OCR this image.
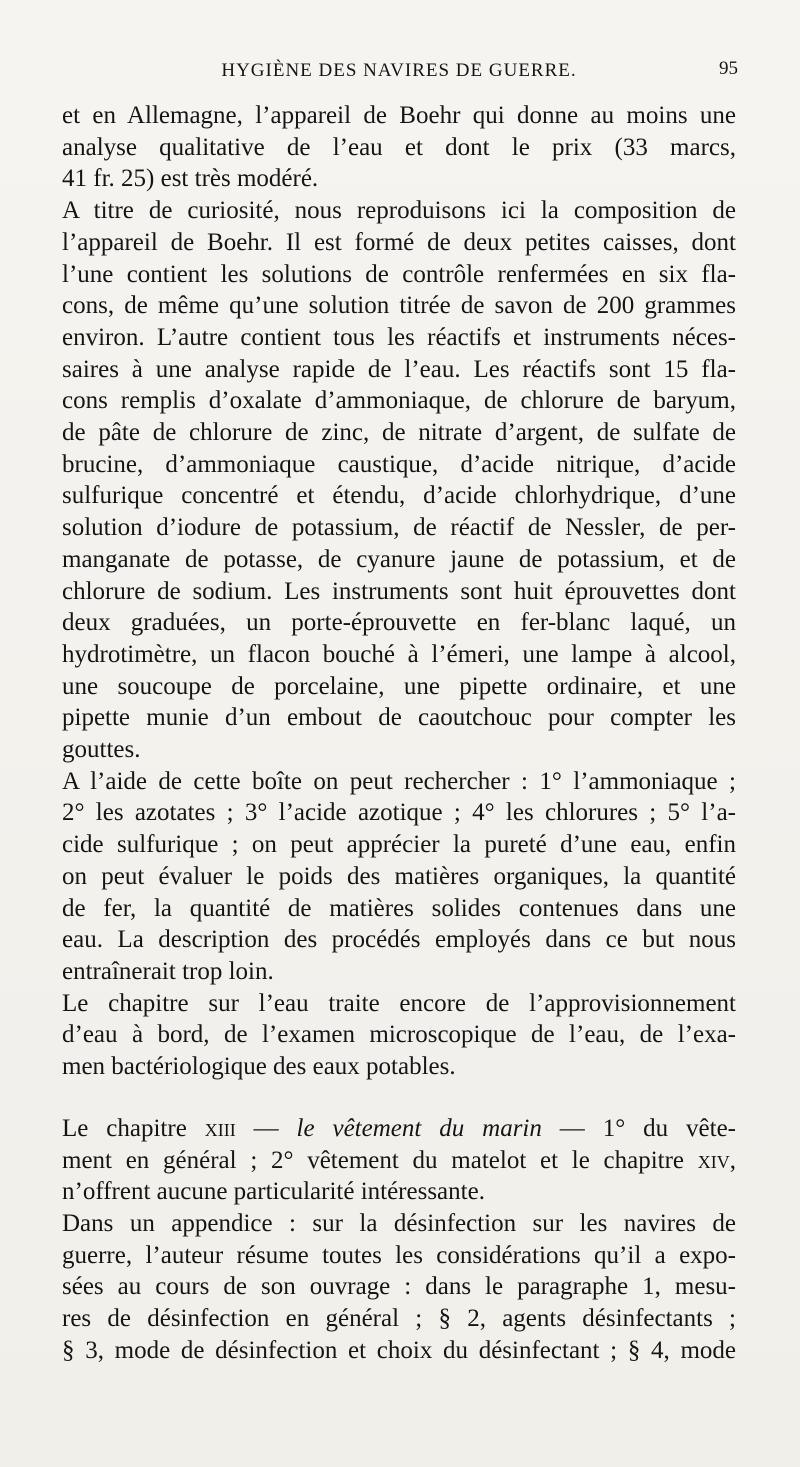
HYGIÈNE DES NAVIRES DE GUERRE.	95

et en Allemagne, l’appareil de Boehr qui donne au moins une
analyse qualitative de l’eau et dont le prix (33 marcs,
41 fr. 25) est très modéré.

A titre de curiosité, nous reproduisons ici la composition de
l’appareil de Boehr. Il est formé de deux petites caisses, dont
l’une contient les solutions de contrôle renfermées en six fla-
cons, de même qu’une solution titrée de savon de 200 grammes
environ. L’autre contient tous les réactifs et instruments néces-
saires à une analyse rapide de l’eau. Les réactifs sont 15 fla-
cons remplis d’oxalate d’ammoniaque, de chlorure de baryum,
de pâte de chlorure de zinc, de nitrate d’argent, de sulfate de
brucine, d’ammoniaque caustique, d’acide nitrique, d’acide
sulfurique concentré et étendu, d’acide chlorhydrique, d’une
solution d’iodure de potassium, de réactif de Nessler, de per-
manganate de potasse, de cyanure jaune de potassium, et de
chlorure de sodium. Les instruments sont huit éprouvettes dont
deux graduées, un porte-éprouvette en fer-blanc laqué, un
hydrotimètre, un flacon bouché à l’émeri, une lampe à alcool,
une soucoupe de porcelaine, une pipette ordinaire, et une
pipette munie d’un embout de caoutchouc pour compter les
gouttes.

A l’aide de cette boîte on peut rechercher : 1° l’ammoniaque ;
2° les azotates ; 3° l’acide azotique ; 4° les chlorures ; 5° l’a-
cide sulfurique ; on peut apprécier la pureté d’une eau, enfin
on peut évaluer le poids des matières organiques, la quantité
de fer, la quantité de matières solides contenues dans une
eau. La description des procédés employés dans ce but nous
entraînerait trop loin.

Le chapitre sur l’eau traite encore de l’approvisionnement
d’eau à bord, de l’examen microscopique de l’eau, de l’exa-
men bactériologique des eaux potables.

Le chapitre xiii — le vêtement du marin — 1° du vête-
ment en général ; 2° vêtement du matelot et le chapitre xiv,
n’offrent aucune particularité intéressante.

Dans un appendice : sur la désinfection sur les navires de
guerre, l’auteur résume toutes les considérations qu’il a expo-
sées au cours de son ouvrage : dans le paragraphe 1, mesu-
res de désinfection en général ; § 2, agents désinfectants ;
§ 3, mode de désinfection et choix du désinfectant ; § 4, mode
